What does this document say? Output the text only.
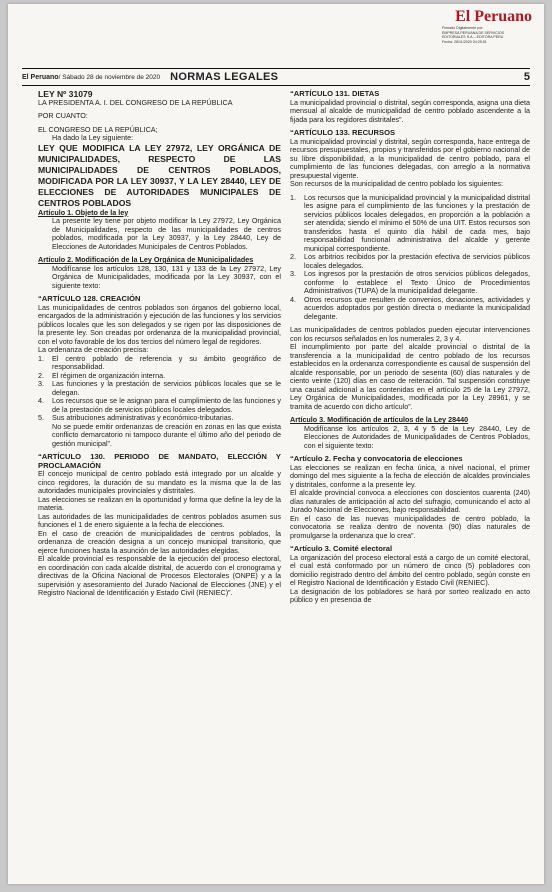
El Peruano
Firmado Digitalmente por:
EMPRESA PERUANA DE SERVICIOS
EDITORIALES S.A. - EDITORA PERU
Fecha: 28/11/2020 04:25:51
El Peruano / Sábado 28 de noviembre de 2020 NORMAS LEGALES	5

LEY Nº 31079

LA PRESIDENTA A. I. DEL CONGRESO DE LA REPÚBLICA

POR CUANTO:

EL CONGRESO DE LA REPÚBLICA;

Ha dado la Ley siguiente:

LEY QUE MODIFICA LA LEY 27972, LEY ORGÁNICA DE MUNICIPALIDADES, RESPECTO DE LAS MUNICIPALIDADES DE CENTROS POBLADOS, MODIFICADA POR LA LEY 30937, Y LA LEY 28440, LEY DE ELECCIONES DE AUTORIDADES MUNICIPALES DE CENTROS POBLADOS

Artículo 1. Objeto de la ley

La presente ley tiene por objeto modificar la Ley 27972, Ley Orgánica de Municipalidades, respecto de las municipalidades de centros poblados, modificada por la Ley 30937, y la Ley 28440, Ley de Elecciones de Autoridades Municipales de Centros Poblados.

Artículo 2. Modificación de la Ley Orgánica de Municipalidades

Modifícanse los artículos 128, 130, 131 y 133 de la Ley 27972, Ley Orgánica de Municipalidades, modificada por la Ley 30937, con el siguiente texto:

“ARTÍCULO 128. CREACIÓN

Las municipalidades de centros poblados son órganos del gobierno local, encargados de la administración y ejecución de las funciones y los servicios públicos locales que les son delegados y se rigen por las disposiciones de la presente ley. Son creadas por ordenanza de la municipalidad provincial, con el voto favorable de los dos tercios del número legal de regidores.

La ordenanza de creación precisa:

1.	El centro poblado de referencia y su ámbito geográfico de responsabilidad.
2.	El régimen de organización interna.
3.	Las funciones y la prestación de servicios públicos locales que se le delegan.
4.	Los recursos que se le asignan para el cumplimiento de las funciones y de la prestación de servicios públicos locales delegados.
5.	Sus atribuciones administrativas y económico-tributarias.

No se puede emitir ordenanzas de creación en zonas en las que exista conflicto demarcatorio ni tampoco durante el último año del periodo de gestión municipal”.

“ARTÍCULO 130. PERIODO DE MANDATO, ELECCIÓN Y PROCLAMACIÓN

El concejo municipal de centro poblado está integrado por un alcalde y cinco regidores, la duración de su mandato es la misma que la de las autoridades municipales provinciales y distritales.

Las elecciones se realizan en la oportunidad y forma que define la ley de la materia.

Las autoridades de las municipalidades de centros poblados asumen sus funciones el 1 de enero siguiente a la fecha de elecciones.

En el caso de creación de municipalidades de centros poblados, la ordenanza de creación designa a un concejo municipal transitorio, que ejerce funciones hasta la asunción de las autoridades elegidas.

El alcalde provincial es responsable de la ejecución del proceso electoral, en coordinación con cada alcalde distrital, de acuerdo con el cronograma y directivas de la Oficina Nacional de Procesos Electorales (ONPE) y a la supervisión y asesoramiento del Jurado Nacional de Elecciones (JNE) y el Registro Nacional de Identificación y Estado Civil (RENIEC)”.

“ARTÍCULO 131. DIETAS

La municipalidad provincial o distrital, según corresponda, asigna una dieta mensual al alcalde de municipalidad de centro poblado ascendente a la fijada para los regidores distritales”.

“ARTÍCULO 133. RECURSOS

La municipalidad provincial y distrital, según corresponda, hace entrega de recursos presupuestales, propios y transferidos por el gobierno nacional de su libre disponibilidad, a la municipalidad de centro poblado, para el cumplimiento de las funciones delegadas, con arreglo a la normativa presupuestal vigente.

Son recursos de la municipalidad de centro poblado los siguientes:

1.	Los recursos que la municipalidad provincial y la municipalidad distrital les asigne para el cumplimiento de las funciones y la prestación de servicios públicos locales delegados, en proporción a la población a ser atendida; siendo el mínimo el 50% de una UIT. Estos recursos son transferidos hasta el quinto día hábil de cada mes, bajo responsabilidad funcional administrativa del alcalde y gerente municipal correspondiente.
2.	Los arbitrios recibidos por la prestación efectiva de servicios públicos locales delegados.
3.	Los ingresos por la prestación de otros servicios públicos delegados, conforme lo establece el Texto Único de Procedimientos Administrativos (TUPA) de la municipalidad delegante.
4.	Otros recursos que resulten de convenios, donaciones, actividades y acuerdos adoptados por gestión directa o mediante la municipalidad delegante.

Las municipalidades de centros poblados pueden ejecutar intervenciones con los recursos señalados en los numerales 2, 3 y 4.

El incumplimiento por parte del alcalde provincial o distrital de la transferencia a la municipalidad de centro poblado de los recursos establecidos en la ordenanza correspondiente es causal de suspensión del alcalde responsable, por un periodo de sesenta (60) días naturales y de ciento veinte (120) días en caso de reiteración. Tal suspensión constituye una causal adicional a las contenidas en el artículo 25 de la Ley 27972, Ley Orgánica de Municipalidades, modificada por la Ley 28961, y se tramita de acuerdo con dicho artículo”.

Artículo 3. Modificación de artículos de la Ley 28440

Modifícanse los artículos 2, 3, 4 y 5 de la Ley 28440, Ley de Elecciones de Autoridades de Municipalidades de Centros Poblados, con el siguiente texto:

“Artículo 2. Fecha y convocatoria de elecciones

Las elecciones se realizan en fecha única, a nivel nacional, el primer domingo del mes siguiente a la fecha de elección de alcaldes provinciales y distritales, conforme a la presente ley.

El alcalde provincial convoca a elecciones con doscientos cuarenta (240) días naturales de anticipación al acto del sufragio, comunicando el acto al Jurado Nacional de Elecciones, bajo responsabilidad.

En el caso de las nuevas municipalidades de centro poblado, la convocatoria se realiza dentro de noventa (90) días naturales de promulgarse la ordenanza que lo crea”.

“Artículo 3. Comité electoral

La organización del proceso electoral está a cargo de un comité electoral, el cual está conformado por un número de cinco (5) pobladores con domicilio registrado dentro del ámbito del centro poblado, según conste en el Registro Nacional de Identificación y Estado Civil (RENIEC).

La designación de los pobladores se hará por sorteo realizado en acto público y en presencia de
